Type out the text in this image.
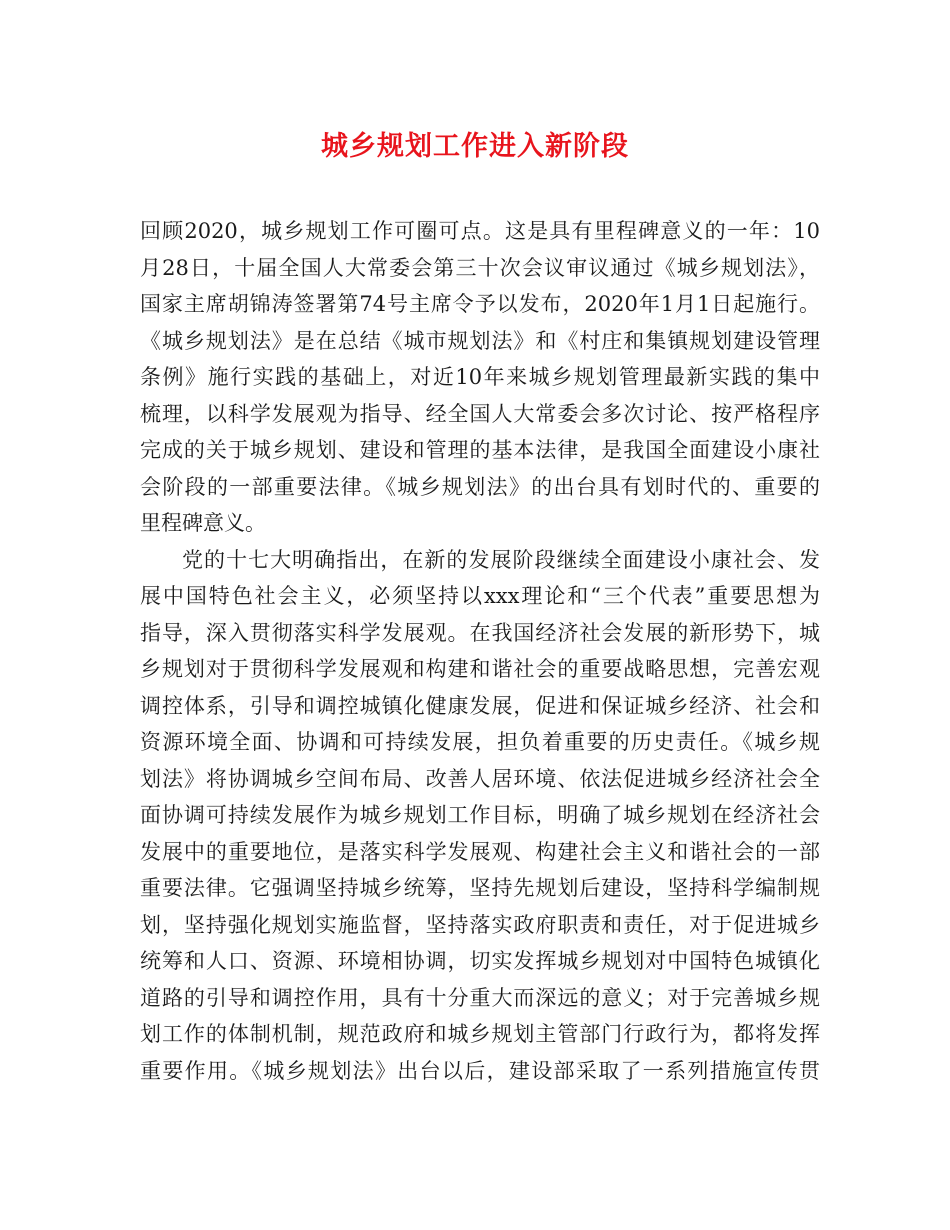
城乡规划工作进入新阶段
回顾2020，城乡规划工作可圈可点。这是具有里程碑意义的一年：10
月28日，十届全国人大常委会第三十次会议审议通过《城乡规划法》，
国家主席胡锦涛签署第74号主席令予以发布，2020年1月1日起施行。
《城乡规划法》是在总结《城市规划法》和《村庄和集镇规划建设管理
条例》施行实践的基础上，对近10年来城乡规划管理最新实践的集中
梳理，以科学发展观为指导、经全国人大常委会多次讨论、按严格程序
完成的关于城乡规划、建设和管理的基本法律，是我国全面建设小康社
会阶段的一部重要法律。《城乡规划法》的出台具有划时代的、重要的
里程碑意义。
党的十七大明确指出，在新的发展阶段继续全面建设小康社会、发
展中国特色社会主义，必须坚持以xxx理论和“三个代表”重要思想为
指导，深入贯彻落实科学发展观。在我国经济社会发展的新形势下，城
乡规划对于贯彻科学发展观和构建和谐社会的重要战略思想，完善宏观
调控体系，引导和调控城镇化健康发展，促进和保证城乡经济、社会和
资源环境全面、协调和可持续发展，担负着重要的历史责任。《城乡规
划法》将协调城乡空间布局、改善人居环境、依法促进城乡经济社会全
面协调可持续发展作为城乡规划工作目标，明确了城乡规划在经济社会
发展中的重要地位，是落实科学发展观、构建社会主义和谐社会的一部
重要法律。它强调坚持城乡统筹，坚持先规划后建设，坚持科学编制规
划，坚持强化规划实施监督，坚持落实政府职责和责任，对于促进城乡
统筹和人口、资源、环境相协调，切实发挥城乡规划对中国特色城镇化
道路的引导和调控作用，具有十分重大而深远的意义；对于完善城乡规
划工作的体制机制，规范政府和城乡规划主管部门行政行为，都将发挥
重要作用。《城乡规划法》出台以后，建设部采取了一系列措施宣传贯
